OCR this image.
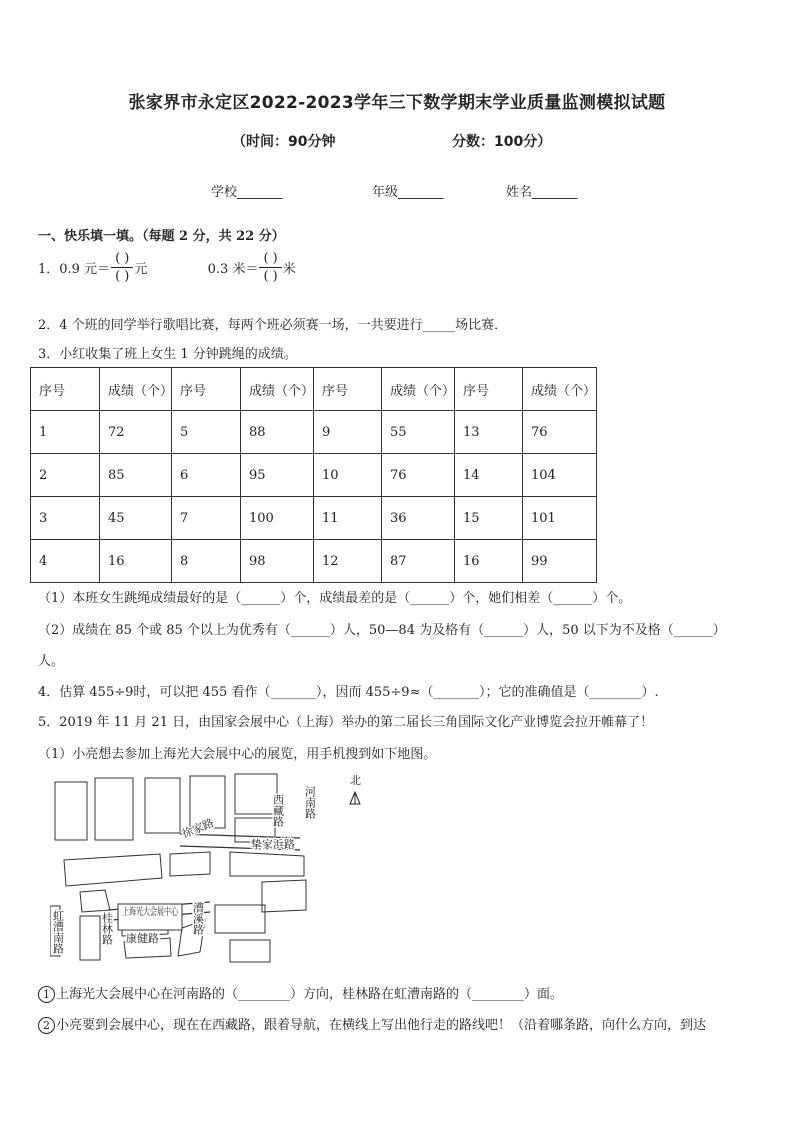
张家界市永定区2022-2023学年三下数学期末学业质量监测模拟试题
（时间：90分钟	分数：100分）
学校_______	年级_______	姓名_______
一、快乐填一填。（每题 2 分，共 22 分）
1．0.9 元＝ $\frac{( )}{( )}$ 元	0.3 米＝ $\frac{( )}{( )}$ 米
2．4 个班的同学举行歌唱比赛，每两个班必须赛一场，一共要进行_____场比赛．
3．小红收集了班上女生 1 分钟跳绳的成绩。
序号	成绩（个）	序号	成绩（个）	序号	成绩（个）	序号	成绩（个）
1	72	5	88	9	55	13	76
2	85	6	95	10	76	14	104
3	45	7	100	11	36	15	101
4	16	8	98	12	87	16	99
（1）本班女生跳绳成绩最好的是（______）个，成绩最差的是（______）个，她们相差（______）个。
（2）成绩在 85 个或 85 个以上为优秀有（______）人，50—84 为及格有（______）人，50 以下为不及格（______）
人。
4．估算 455÷9时，可以把 455 看作（_______），因而 455÷9≈（_______）；它的准确值是（________）.
5．2019 年 11 月 21 日，由国家会展中心（上海）举办的第二届长三角国际文化产业博览会拉开帷幕了！
（1）小亮想去参加上海光大会展中心的展览，用手机搜到如下地图。
河南路
西藏路
徐家路
挚家浜路
虹漕南路	桂林路	漕溪路
康健路
上海光大会展中心
北
1 上海光大会展中心在河南路的（________）方向，桂林路在虹漕南路的（________）面。
2 小亮要到会展中心，现在在西藏路，跟着导航，在横线上写出他行走的路线吧！（沿着哪条路，向什么方向，到达
